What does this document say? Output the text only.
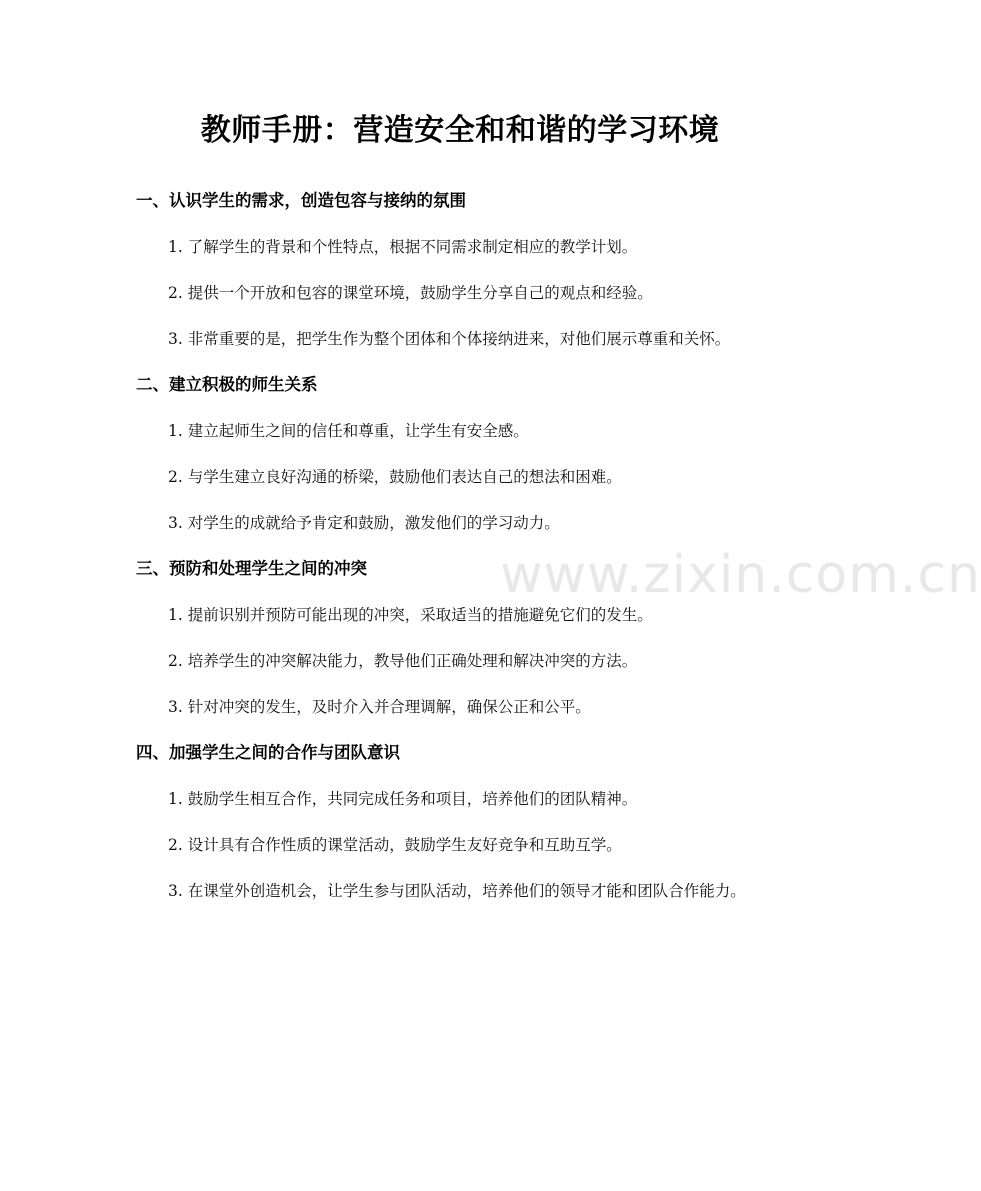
www.zixin.com.cn
教师手册：营造安全和和谐的学习环境
一、认识学生的需求，创造包容与接纳的氛围

1. 了解学生的背景和个性特点，根据不同需求制定相应的教学计划。

2. 提供一个开放和包容的课堂环境，鼓励学生分享自己的观点和经验。

3. 非常重要的是，把学生作为整个团体和个体接纳进来，对他们展示尊重和关怀。

二、建立积极的师生关系

1. 建立起师生之间的信任和尊重，让学生有安全感。

2. 与学生建立良好沟通的桥梁，鼓励他们表达自己的想法和困难。

3. 对学生的成就给予肯定和鼓励，激发他们的学习动力。

三、预防和处理学生之间的冲突

1. 提前识别并预防可能出现的冲突，采取适当的措施避免它们的发生。

2. 培养学生的冲突解决能力，教导他们正确处理和解决冲突的方法。

3. 针对冲突的发生，及时介入并合理调解，确保公正和公平。

四、加强学生之间的合作与团队意识

1. 鼓励学生相互合作，共同完成任务和项目，培养他们的团队精神。

2. 设计具有合作性质的课堂活动，鼓励学生友好竞争和互助互学。

3. 在课堂外创造机会，让学生参与团队活动，培养他们的领导才能和团队合作能力。
